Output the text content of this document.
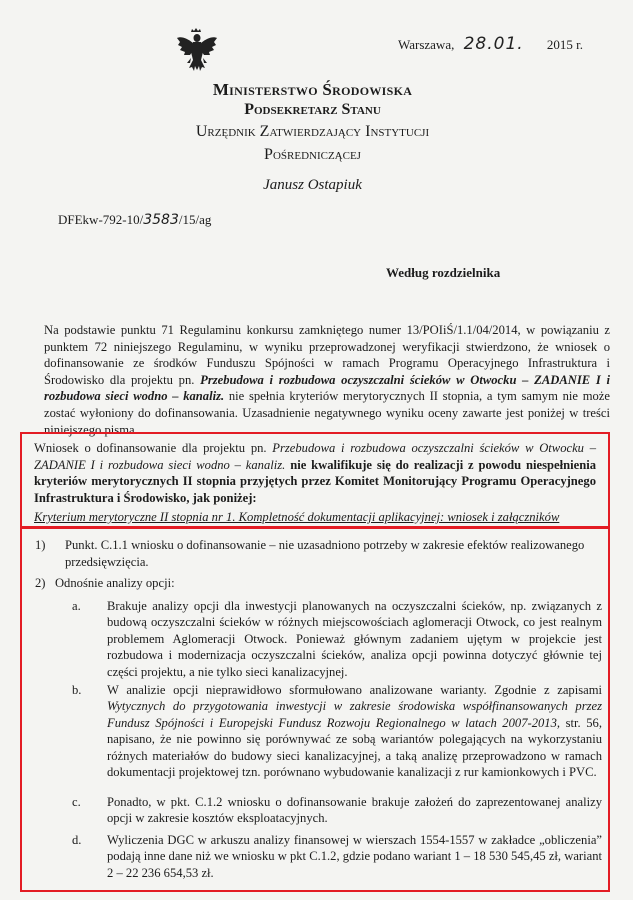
Warszawa, 28.01. 2015 r.
Ministerstwo Środowiska
Podsekretarz Stanu
Urzędnik Zatwierdzający Instytucji
Pośredniczącej
Janusz Ostapiuk
DFEkw-792-10/3583/15/ag
Według rozdzielnika
Na podstawie punktu 71 Regulaminu konkursu zamkniętego numer 13/POIiŚ/1.1/04/2014, w powiązaniu z punktem 72 niniejszego Regulaminu, w wyniku przeprowadzonej weryfikacji stwierdzono, że wniosek o dofinansowanie ze środków Funduszu Spójności w ramach Programu Operacyjnego Infrastruktura i Środowisko dla projektu pn. Przebudowa i rozbudowa oczyszczalni ścieków w Otwocku – ZADANIE I i rozbudowa sieci wodno – kanaliz. nie spełnia kryteriów merytorycznych II stopnia, a tym samym nie może zostać wyłoniony do dofinansowania. Uzasadnienie negatywnego wyniku oceny zawarte jest poniżej w treści niniejszego pisma.
Wniosek o dofinansowanie dla projektu pn. Przebudowa i rozbudowa oczyszczalni ścieków w Otwocku – ZADANIE I i rozbudowa sieci wodno – kanaliz. nie kwalifikuje się do realizacji z powodu niespełnienia kryteriów merytorycznych II stopnia przyjętych przez Komitet Monitorujący Programu Operacyjnego Infrastruktura i Środowisko, jak poniżej:
Kryterium merytoryczne II stopnia nr 1. Kompletność dokumentacji aplikacyjnej: wniosek i załączników
1) Punkt. C.1.1 wniosku o dofinansowanie – nie uzasadniono potrzeby w zakresie efektów realizowanego przedsięwzięcia.
2) Odnośnie analizy opcji:
a. Brakuje analizy opcji dla inwestycji planowanych na oczyszczalni ścieków, np. związanych z budową oczyszczalni ścieków w różnych miejscowościach aglomeracji Otwock, co jest realnym problemem Aglomeracji Otwock. Ponieważ głównym zadaniem ujętym w projekcie jest rozbudowa i modernizacja oczyszczalni ścieków, analiza opcji powinna dotyczyć głównie tej części projektu, a nie tylko sieci kanalizacyjnej.
b. W analizie opcji nieprawidłowo sformułowano analizowane warianty. Zgodnie z zapisami Wytycznych do przygotowania inwestycji w zakresie środowiska współfinansowanych przez Fundusz Spójności i Europejski Fundusz Rozwoju Regionalnego w latach 2007-2013, str. 56, napisano, że nie powinno się porównywać ze sobą wariantów polegających na wykorzystaniu różnych materiałów do budowy sieci kanalizacyjnej, a taką analizę przeprowadzono w ramach dokumentacji projektowej tzn. porównano wybudowanie kanalizacji z rur kamionkowych i PVC.
c. Ponadto, w pkt. C.1.2 wniosku o dofinansowanie brakuje założeń do zaprezentowanej analizy opcji w zakresie kosztów eksploatacyjnych.
d. Wyliczenia DGC w arkuszu analizy finansowej w wierszach 1554-1557 w zakładce „obliczenia” podają inne dane niż we wniosku w pkt C.1.2, gdzie podano wariant 1 – 18 530 545,45 zł, wariant 2 – 22 236 654,53 zł.
